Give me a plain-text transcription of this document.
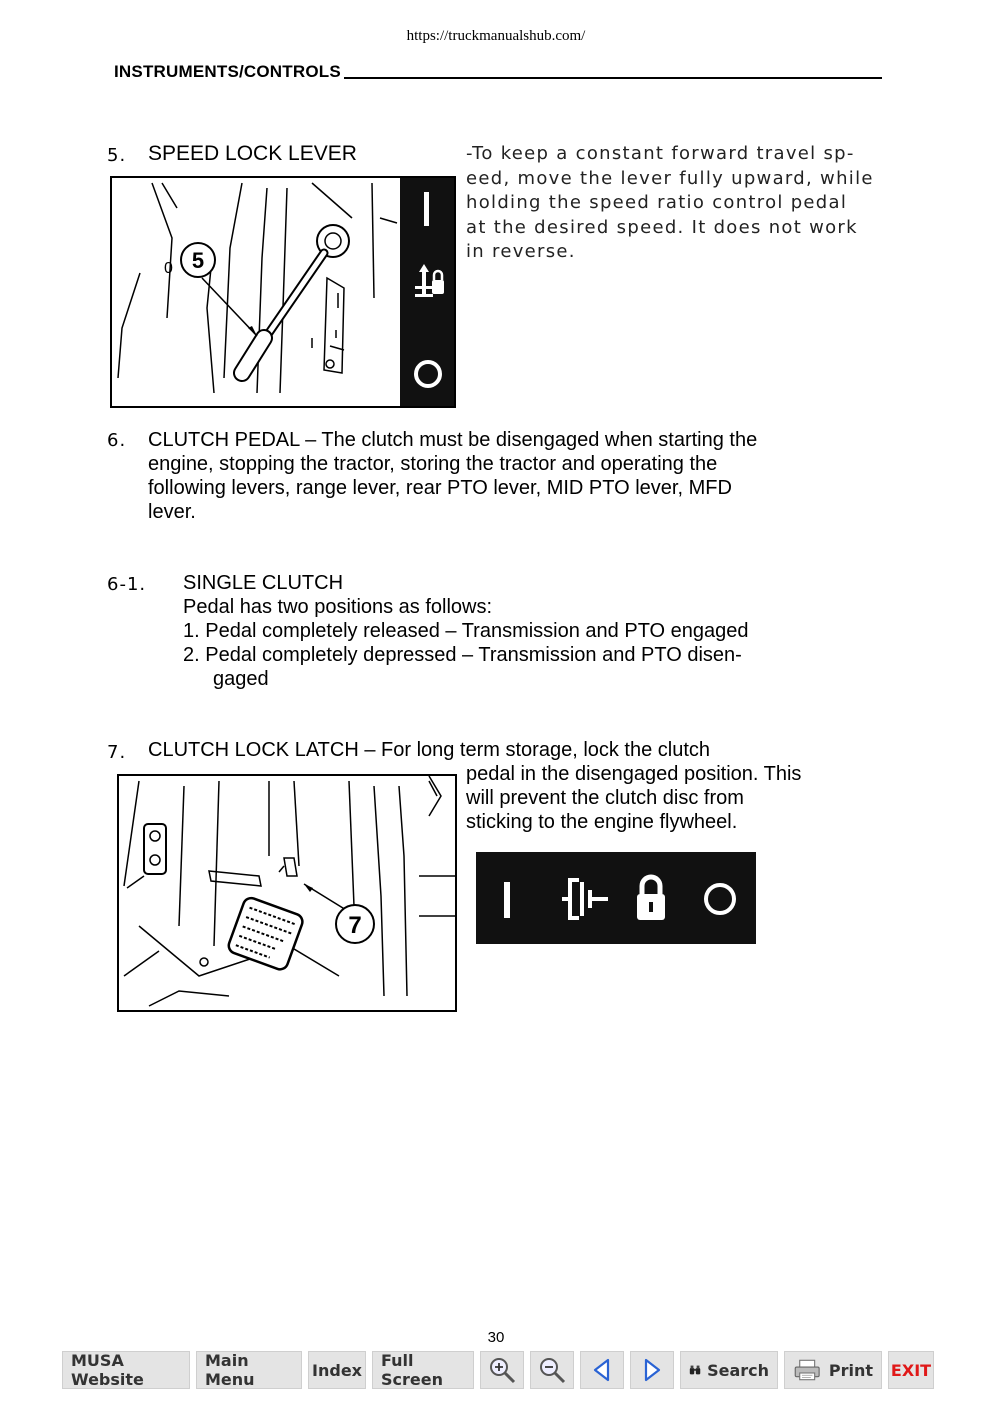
https://truckmanualshub.com/
INSTRUMENTS/CONTROLS
5. SPEED LOCK LEVER	-To keep a constant forward travel sp-
eed, move the lever fully upward, while
holding the speed ratio control pedal
at the desired speed. It does not work
in reverse.
5
0
6. CLUTCH PEDAL – The clutch must be disengaged when starting the
engine, stopping the tractor, storing the tractor and operating the
following levers, range lever, rear PTO lever, MID PTO lever, MFD
lever.
6-1. SINGLE CLUTCH
Pedal has two positions as follows:
1. Pedal completely released – Transmission and PTO engaged
2. Pedal completely depressed – Transmission and PTO disen-
gaged
7. CLUTCH LOCK LATCH – For long term storage, lock the clutch
pedal in the disengaged position. This
will prevent the clutch disc from
sticking to the engine flywheel.
7
30
MUSA Website
Main Menu	Index	Full Screen	Search	Print EXIT
